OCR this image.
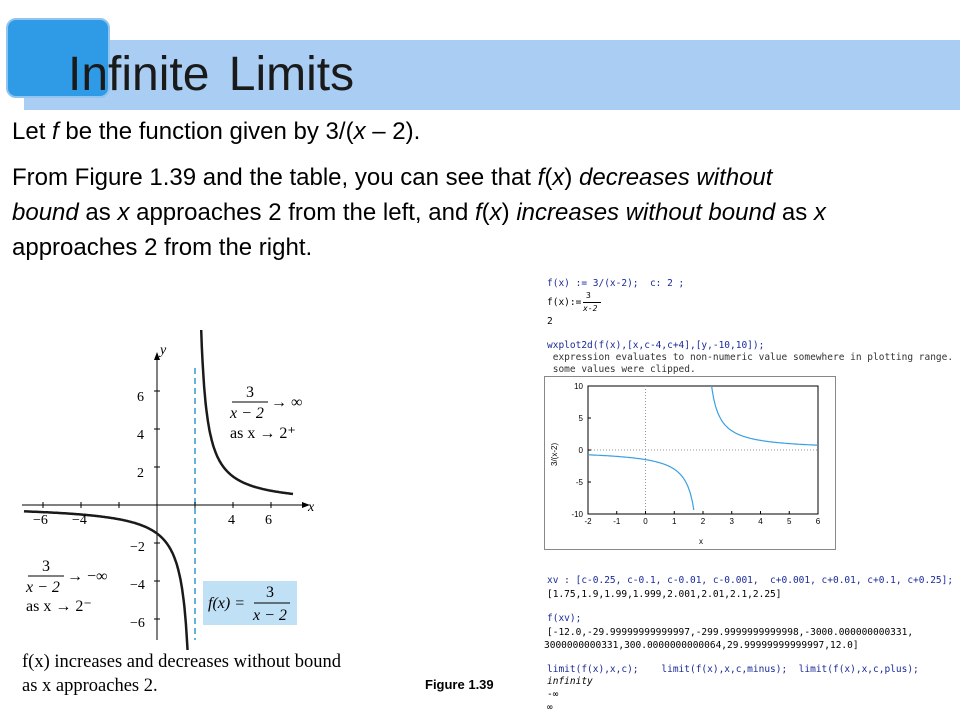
Infinite Limits
Let f be the function given by 3/(x – 2).
From Figure 1.39 and the table, you can see that f(x) decreases without bound as x approaches 2 from the left, and f(x) increases without bound as x approaches 2 from the right.
y
x
−6 −4	4 6
6
4
2
−2
−4
−6
3
x − 2
→ ∞
as x → 2⁺
3
x − 2
→ −∞
as x → 2⁻	f(x) =
3
x − 2
f(x) increases and decreases without bound
as x approaches 2.	Figure 1.39
f(x) := 3/(x-2);  c: 2 ;
f(x):=
3
x-2
2
wxplot2d(f(x),[x,c-4,c+4],[y,-10,10]);
expression evaluates to non-numeric value somewhere in plotting range.
some values were clipped.
-2	-1	0	1	2	3	4	5	6
10
5
0
-5
-10
3/(x-2)
x
xv : [c-0.25, c-0.1, c-0.01, c-0.001,  c+0.001, c+0.01, c+0.1, c+0.25];
[1.75,1.9,1.99,1.999,2.001,2.01,2.1,2.25]
f(xv);
[-12.0,-29.99999999999997,-299.9999999999998,-3000.000000000331,
3000000000331,300.0000000000064,29.99999999999997,12.0]
limit(f(x),x,c);    limit(f(x),x,c,minus);  limit(f(x),x,c,plus);
infinity
-∞
∞
